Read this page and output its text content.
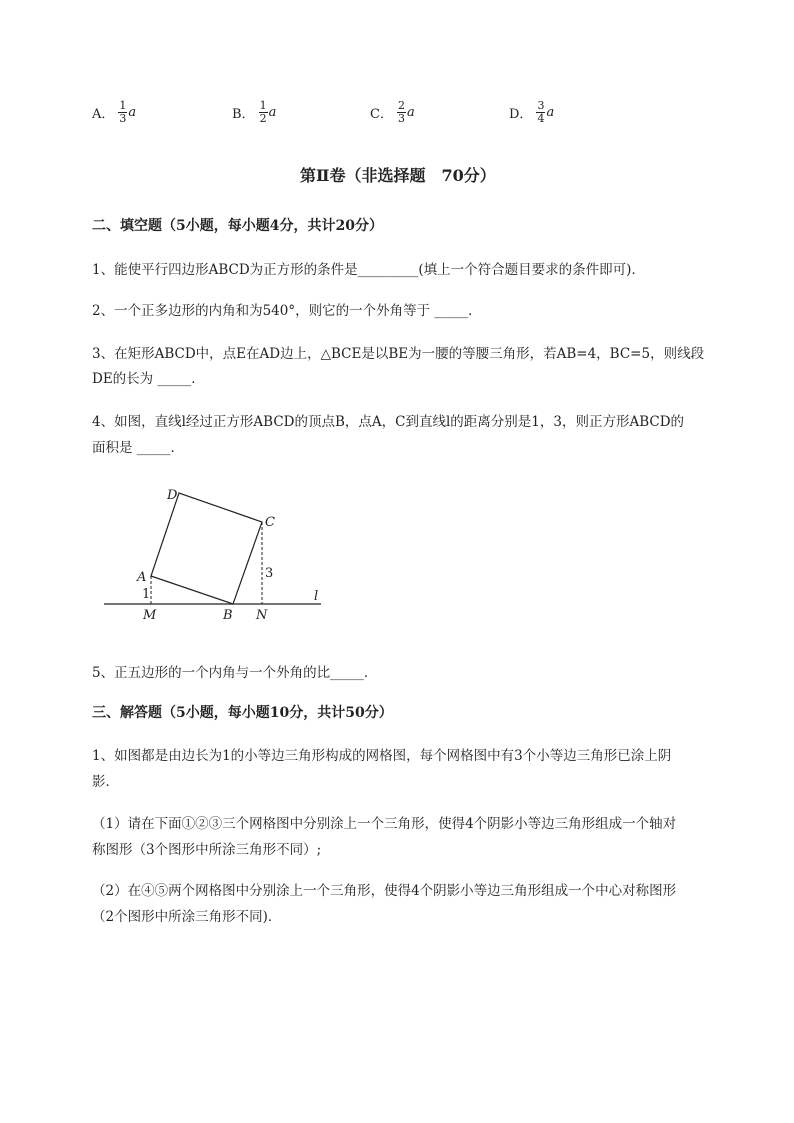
A． $\frac{1}{3}$ a	B． $\frac{1}{2}$ a	C． $\frac{2}{3}$ a	D． $\frac{3}{4}$ a
第Ⅱ卷（非选择题　70分）
二、填空题（5小题，每小题4分，共计20分）
1、能使平行四边形ABCD为正方形的条件是_________(填上一个符合题目要求的条件即可)．
2、一个正多边形的内角和为540°，则它的一个外角等于 _____．
3、在矩形ABCD中，点E在AD边上，△BCE是以BE为一腰的等腰三角形，若AB=4，BC=5，则线段
DE的长为 _____．
4、如图，直线l经过正方形ABCD的顶点B，点A，C到直线l的距离分别是1，3，则正方形ABCD的
面积是 _____．
D
C
A
1
3
M	B N
l
5、正五边形的一个内角与一个外角的比_____．
三、解答题（5小题，每小题10分，共计50分）
1、如图都是由边长为1的小等边三角形构成的网格图，每个网格图中有3个小等边三角形已涂上阴
影．
（1）请在下面①②③三个网格图中分别涂上一个三角形，使得4个阴影小等边三角形组成一个轴对
称图形（3个图形中所涂三角形不同）;
（2）在④⑤两个网格图中分别涂上一个三角形，使得4个阴影小等边三角形组成一个中心对称图形
（2个图形中所涂三角形不同)．
